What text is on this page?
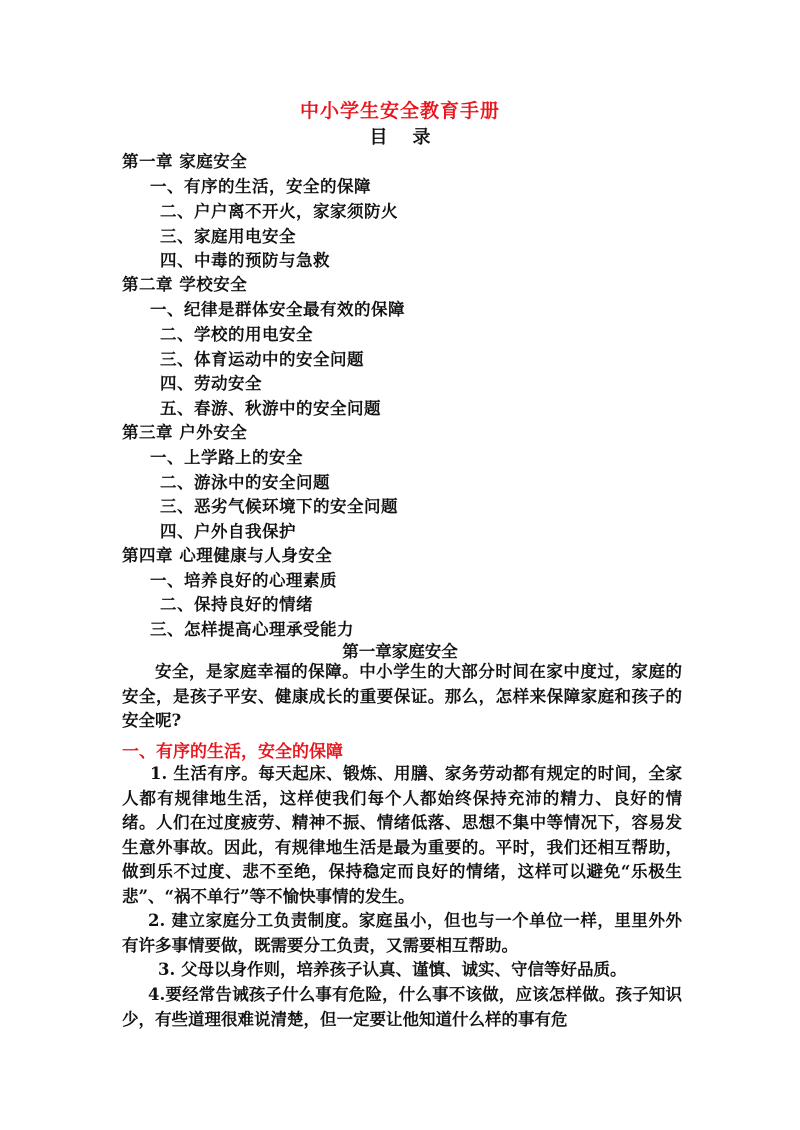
中小学生安全教育手册
目    录
第一章 家庭安全
一、有序的生活，安全的保障
二、户户离不开火，家家须防火
三、家庭用电安全
四、中毒的预防与急救
第二章 学校安全
一、纪律是群体安全最有效的保障
二、学校的用电安全
三、体育运动中的安全问题
四、劳动安全
五、春游、秋游中的安全问题
第三章 户外安全
一、上学路上的安全
二、游泳中的安全问题
三、恶劣气候环境下的安全问题
四、户外自我保护
第四章 心理健康与人身安全
一、培养良好的心理素质
二、保持良好的情绪
三、怎样提高心理承受能力
第一章家庭安全
安全，是家庭幸福的保障。中小学生的大部分时间在家中度过，家庭的安全，是孩子平安、健康成长的重要保证。那么，怎样来保障家庭和孩子的安全呢?
一、有序的生活，安全的保障
1. 生活有序。每天起床、锻炼、用膳、家务劳动都有规定的时间，全家人都有规律地生活，这样使我们每个人都始终保持充沛的精力、良好的情绪。人们在过度疲劳、精神不振、情绪低落、思想不集中等情况下，容易发生意外事故。因此，有规律地生活是最为重要的。平时，我们还相互帮助，做到乐不过度、悲不至绝，保持稳定而良好的情绪，这样可以避免“乐极生悲”、“祸不单行”等不愉快事情的发生。
2. 建立家庭分工负责制度。家庭虽小，但也与一个单位一样，里里外外有许多事情要做，既需要分工负责，又需要相互帮助。
3. 父母以身作则，培养孩子认真、谨慎、诚实、守信等好品质。
4.要经常告诫孩子什么事有危险，什么事不该做，应该怎样做。孩子知识少，有些道理很难说清楚，但一定要让他知道什么样的事有危
